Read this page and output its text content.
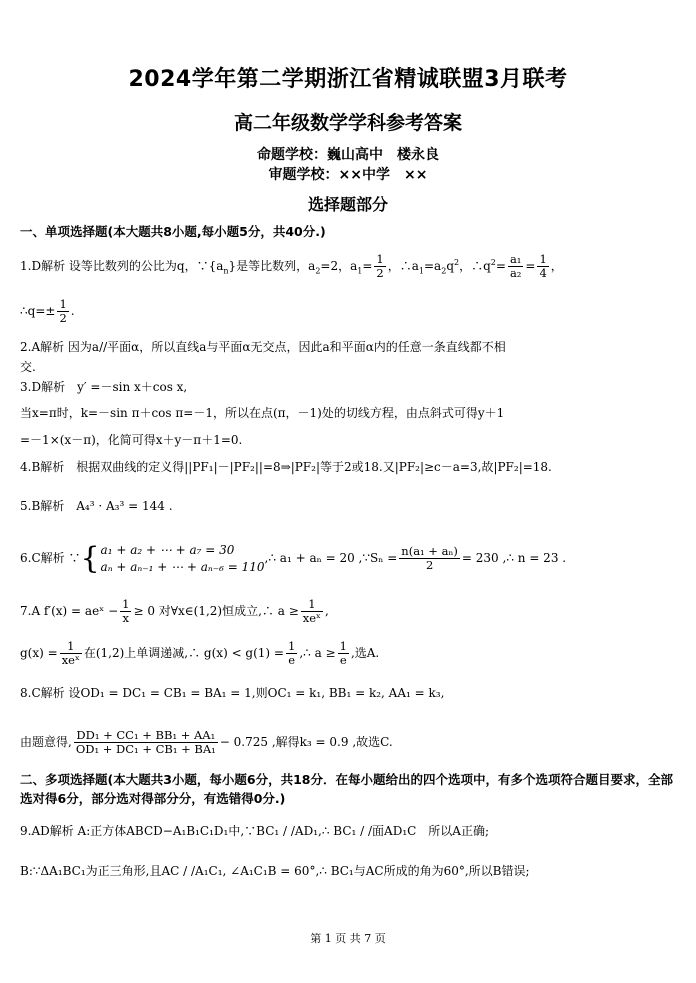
2024学年第二学期浙江省精诚联盟3月联考
高二年级数学学科参考答案
命题学校：巍山高中　楼永良
审题学校：××中学　××
选择题部分
一、单项选择题(本大题共8小题,每小题5分，共40分.)
1.D解析 设等比数列的公比为q，$\because\{a_n\}$是等比数列，$a_2=2$，$a_1= \frac{1}{2}$ ，$\therefore a_1=a_2q^2$，$\therefore q^2= \frac{\text{a₁}}{\text{a₂}} = \frac{1}{4}$ ，
∴q=± $\frac{1}{2}$ .
2.A解析 因为a//平面α，所以直线a与平面α无交点，因此a和平面α内的任意一条直线都不相
交.
3.D解析　y′ =－sin x＋cos x,
当x=π时，k=－sin π＋cos π=－1，所以在点(π，－1)处的切线方程，由点斜式可得y＋1
=－1×(x－π)，化简可得x＋y－π＋1=0.
4.B解析　根据双曲线的定义得||PF₁|－|PF₂||=8⇒|PF₂|等于2或18.又|PF₂|≥c－a=3,故|PF₂|=18.
5.B解析　A₄³ · A₃³ = 144 .
6.C解析 ∵{ a₁ + a₂ + ⋯ + a₇ = 30
aₙ + aₙ₋₁ + ⋯ + aₙ₋₆ = 110
,∴ a₁ + aₙ = 20 ,∵Sₙ = $\frac{\text{n(a₁ + aₙ)}}{2} = 230$ ,∴ n = 23 .
7.A f′(x) = aeˣ − $\frac{1}{x} \ge 0$ 对∀x∈(1,2)恒成立,∴ $a \ge \frac{1}{\text{xeˣ}}$ ,
$g(x) = \frac{1}{\text{xeˣ}}$ 在(1,2)上单调递减,∴ $g(x) < g(1) = \frac{1}{e}$ ,∴ $a \ge \frac{1}{e}$ ,选A.
8.C解析 设OD₁ = DC₁ = CB₁ = BA₁ = 1,则OC₁ = k₁, BB₁ = k₂, AA₁ = k₃,
由题意得, $\frac{\text{DD₁ + CC₁ + BB₁ + AA₁}}{\text{OD₁ + DC₁ + CB₁ + BA₁}} - 0.725$ ,解得k₃ = 0.9 ,故选C.
二、多项选择题(本大题共3小题，每小题6分，共18分．在每小题给出的四个选项中，有多个选项符合题目要求，全部选对得6分，部分选对得部分分，有选错得0分.)
9.AD解析 A:正方体ABCD−A₁B₁C₁D₁中,∵BC₁ / /AD₁,∴ BC₁ / /面AD₁C　所以A正确;
B:∵ΔA₁BC₁为正三角形,且AC / /A₁C₁, ∠A₁C₁B = 60°,∴ BC₁与AC所成的角为60°,所以B错误;
第 1 页 共 7 页
